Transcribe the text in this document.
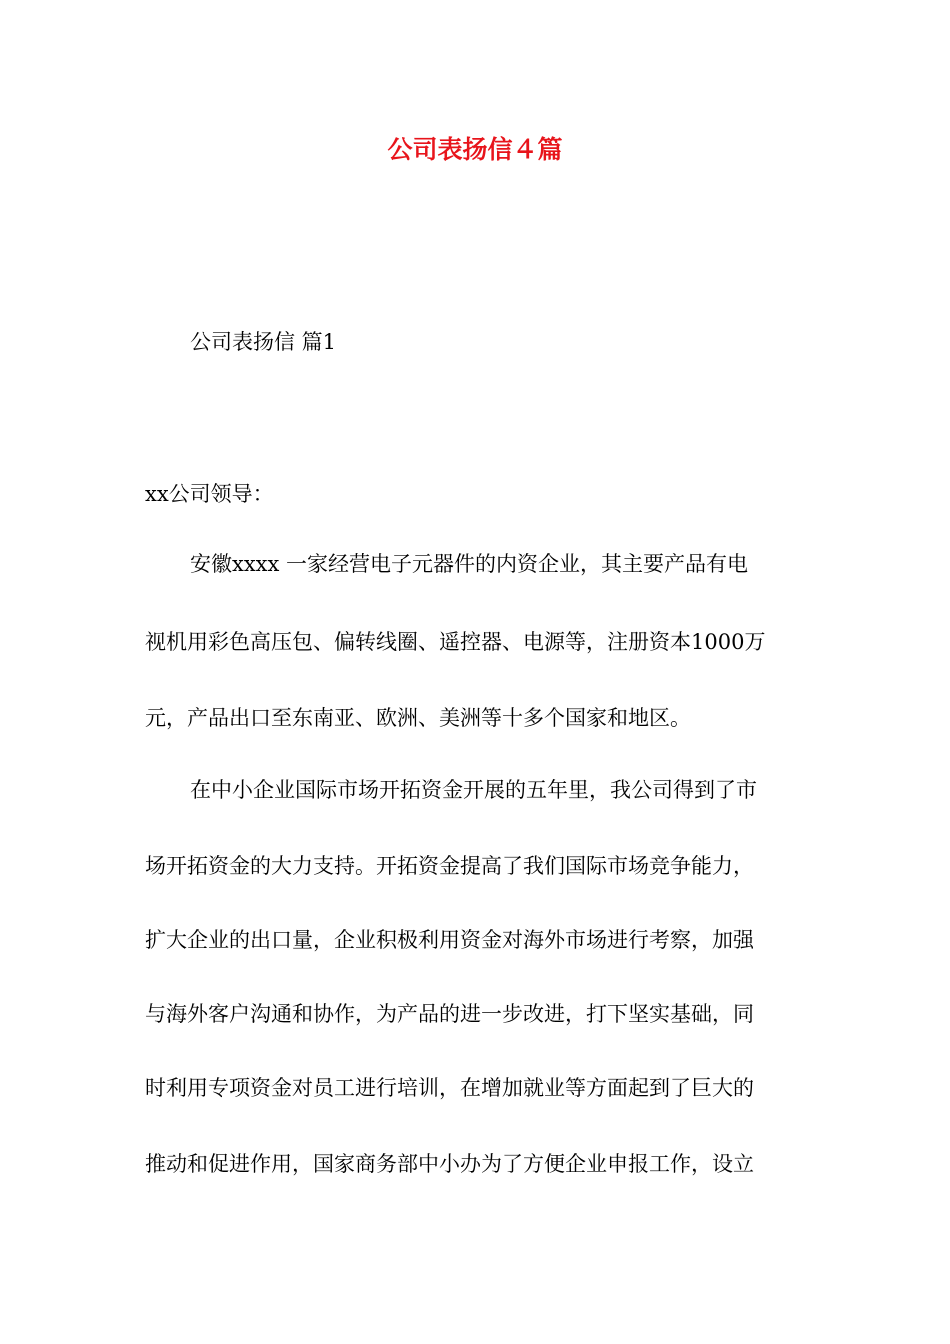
公司表扬信４篇

公司表扬信 篇1

xx公司领导：

安徽xxxx 一家经营电子元器件的内资企业，其主要产品有电

视机用彩色高压包、偏转线圈、遥控器、电源等，注册资本1000万

元，产品出口至东南亚、欧洲、美洲等十多个国家和地区。

在中小企业国际市场开拓资金开展的五年里，我公司得到了市

场开拓资金的大力支持。开拓资金提高了我们国际市场竞争能力，

扩大企业的出口量，企业积极利用资金对海外市场进行考察，加强

与海外客户沟通和协作，为产品的进一步改进，打下坚实基础，同

时利用专项资金对员工进行培训，在增加就业等方面起到了巨大的

推动和促进作用，国家商务部中小办为了方便企业申报工作，设立
